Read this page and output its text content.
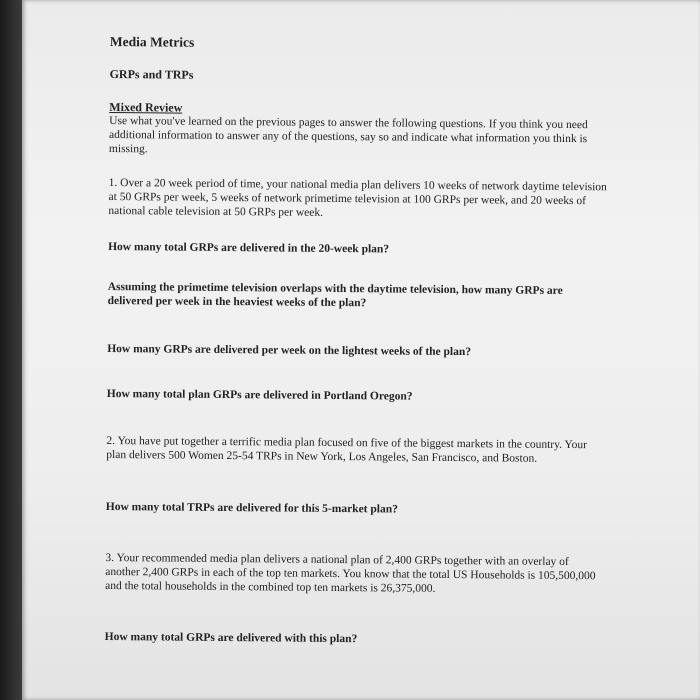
Media Metrics

GRPs and TRPs

Mixed Review

Use what you've learned on the previous pages to answer the following questions. If you think you need additional information to answer any of the questions, say so and indicate what information you think is missing.

1. Over a 20 week period of time, your national media plan delivers 10 weeks of network daytime television at 50 GRPs per week, 5 weeks of network primetime television at 100 GRPs per week, and 20 weeks of national cable television at 50 GRPs per week.

How many total GRPs are delivered in the 20-week plan?

Assuming the primetime television overlaps with the daytime television, how many GRPs are delivered per week in the heaviest weeks of the plan?

How many GRPs are delivered per week on the lightest weeks of the plan?

How many total plan GRPs are delivered in Portland Oregon?

2. You have put together a terrific media plan focused on five of the biggest markets in the country. Your plan delivers 500 Women 25-54 TRPs in New York, Los Angeles, San Francisco, and Boston.

How many total TRPs are delivered for this 5-market plan?

3. Your recommended media plan delivers a national plan of 2,400 GRPs together with an overlay of another 2,400 GRPs in each of the top ten markets. You know that the total US Households is 105,500,000 and the total households in the combined top ten markets is 26,375,000.

How many total GRPs are delivered with this plan?
